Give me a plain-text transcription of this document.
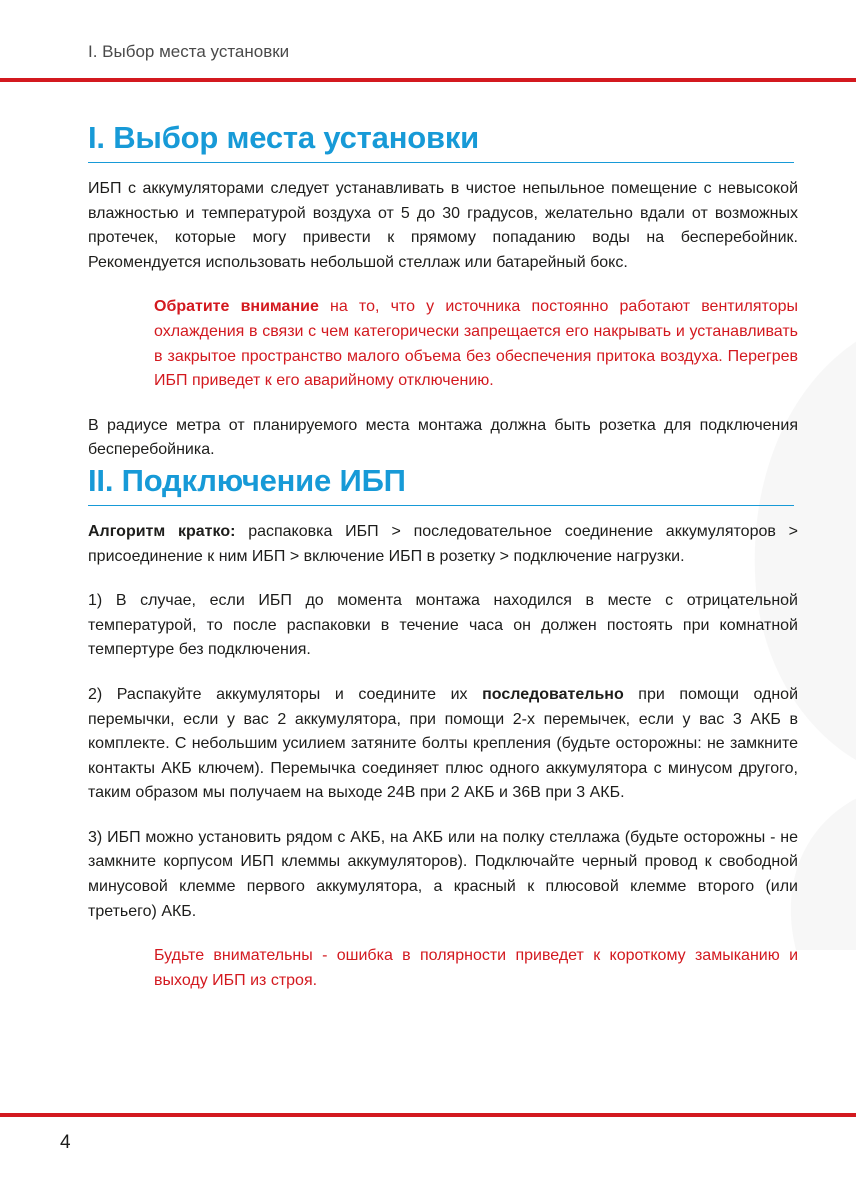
I. Выбор места установки
I. Выбор места установки

ИБП с аккумуляторами следует устанавливать в чистое непыльное помещение с невысокой влажностью и температурой воздуха от 5 до 30 градусов, желательно вдали от возможных протечек, которые могу привести к прямому попаданию воды на бесперебойник. Рекомендуется использовать небольшой стеллаж или батарейный бокс.

Обратите внимание на то, что у источника постоянно работают вентиляторы охлаждения в связи с чем категорически запрещается его накрывать и устанавливать в закрытое пространство малого объема без обеспечения притока воздуха. Перегрев ИБП приведет к его аварийному отключению.

В радиусе метра от планируемого места монтажа должна быть розетка для подключения бесперебойника.

II. Подключение ИБП

Алгоритм кратко: распаковка ИБП > последовательное соединение аккумуляторов > присоединение к ним ИБП > включение ИБП в розетку > подключение нагрузки.

1) В случае, если ИБП до момента монтажа находился в месте с отрицательной температурой, то после распаковки в течение часа он должен постоять при комнатной темпертуре без подключения.

2) Распакуйте аккумуляторы и соедините их последовательно при помощи одной перемычки, если у вас 2 аккумулятора, при помощи 2-х перемычек, если у вас 3 АКБ в комплекте. С небольшим усилием затяните болты крепления (будьте осторожны: не замкните контакты АКБ ключем). Перемычка соединяет плюс одного аккумулятора с минусом другого, таким образом мы получаем на выходе 24В при 2 АКБ и 36В при 3 АКБ.

3) ИБП можно установить рядом с АКБ, на АКБ или на полку стеллажа (будьте осторожны - не замкните корпусом ИБП клеммы аккумуляторов). Подключайте черный провод к свободной минусовой клемме первого аккумулятора, а красный к плюсовой клемме второго (или третьего) АКБ.

Будьте внимательны - ошибка в полярности приведет к короткому замыканию и выходу ИБП из строя.

4
